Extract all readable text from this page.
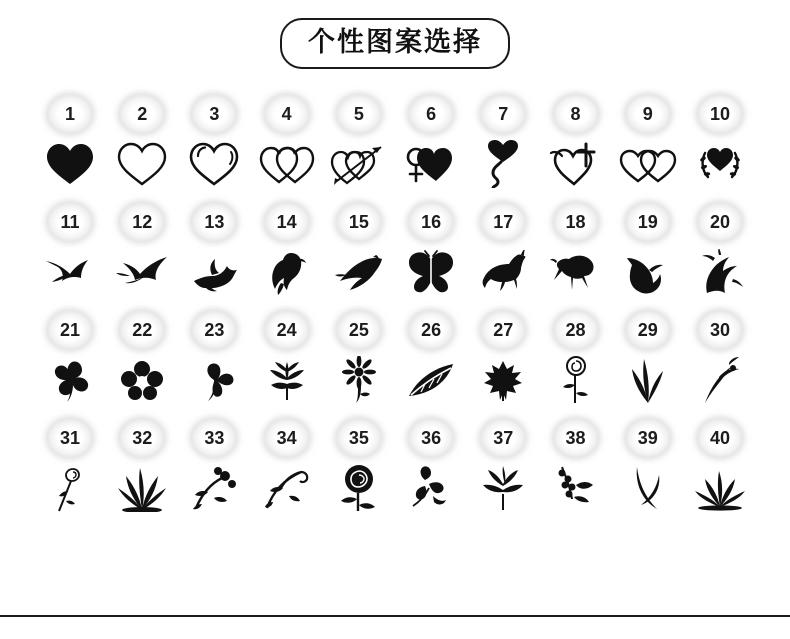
个性图案选择
1	2	3	4	5	6	7	8	9	10
11	12	13	14	15	16	17	18	19	20
21	22	23	24	25	26	27	28	29	30
31	32	33	34	35	36	37	38	39	40
